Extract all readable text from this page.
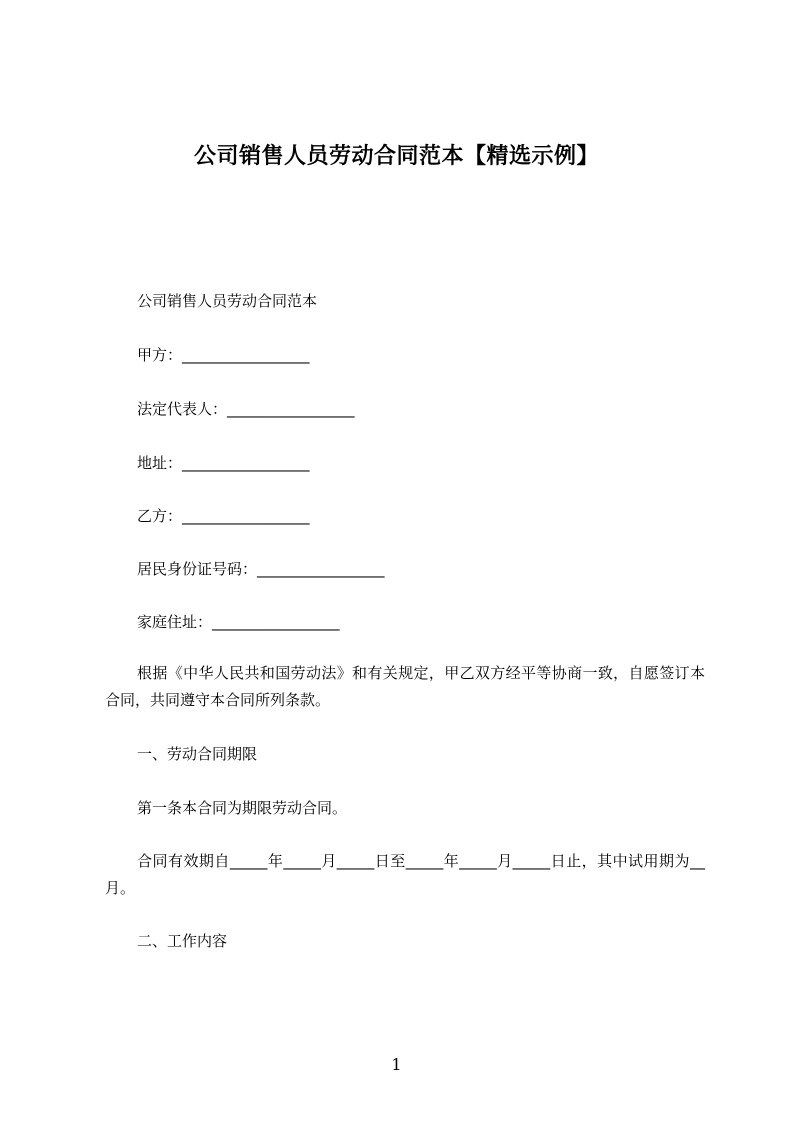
公司销售人员劳动合同范本【精选示例】
公司销售人员劳动合同范本
甲方：_________________
法定代表人：_________________
地址：_________________
乙方：_________________
居民身份证号码：_________________
家庭住址：_________________
根据《中华人民共和国劳动法》和有关规定，甲乙双方经平等协商一致，自愿签订本合同，共同遵守本合同所列条款。
一、劳动合同期限
第一条本合同为期限劳动合同。
合同有效期自_____年_____月_____日至_____年_____月_____日止，其中试用期为__月。
二、工作内容
1
